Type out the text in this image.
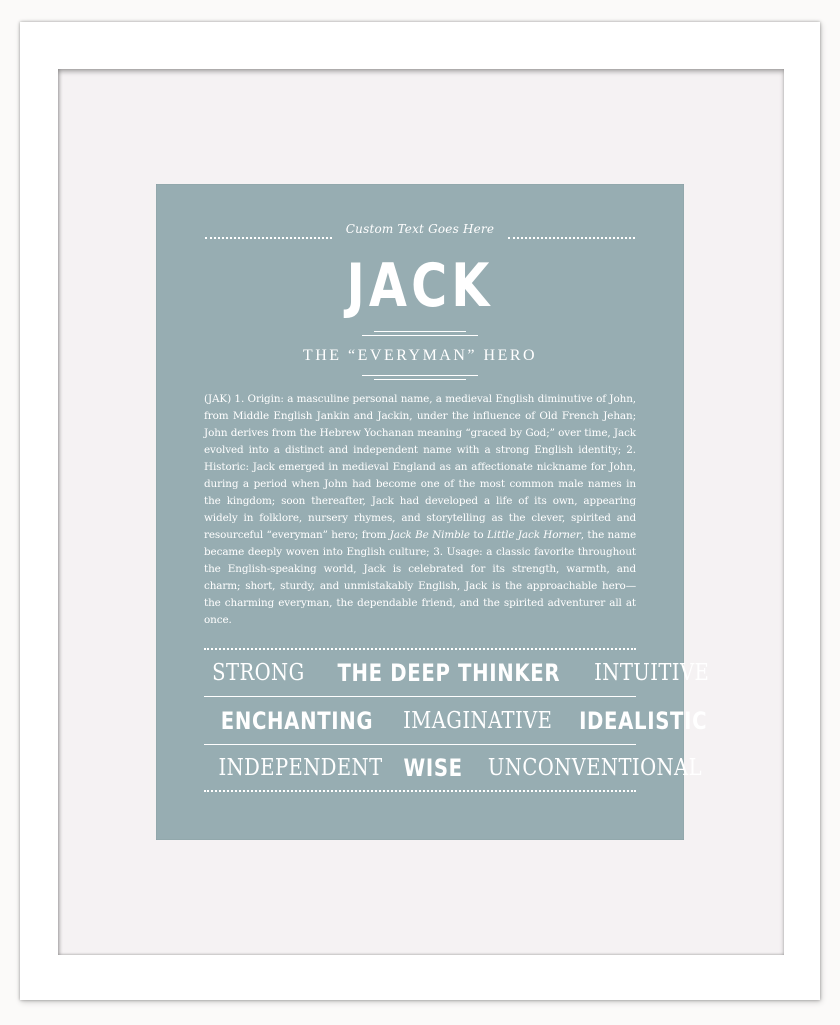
Custom Text Goes Here
JACK
THE “EVERYMAN” HERO
(JAK) 1. Origin: a masculine personal name, a medieval English diminutive of John, from Middle English Jankin and Jackin, under the influence of Old French Jehan; John derives from the Hebrew Yochanan meaning “graced by God;” over time, Jack evolved into a distinct and independent name with a strong English identity; 2. Historic: Jack emerged in medieval England as an affectionate nickname for John, during a period when John had become one of the most common male names in the kingdom; soon thereafter, Jack had developed a life of its own, appearing widely in folklore, nursery rhymes, and storytelling as the clever, spirited and resourceful “everyman” hero; from Jack Be Nimble to Little Jack Horner, the name became deeply woven into English culture; 3. Usage: a classic favorite throughout the English-speaking world, Jack is celebrated for its strength, warmth, and charm; short, sturdy, and unmistakably English, Jack is the approachable hero—the charming everyman, the dependable friend, and the spirited adventurer all at once.
STRONG THE DEEP THINKER INTUITIVE
ENCHANTING IMAGINATIVE IDEALISTIC
INDEPENDENT WISE UNCONVENTIONAL
